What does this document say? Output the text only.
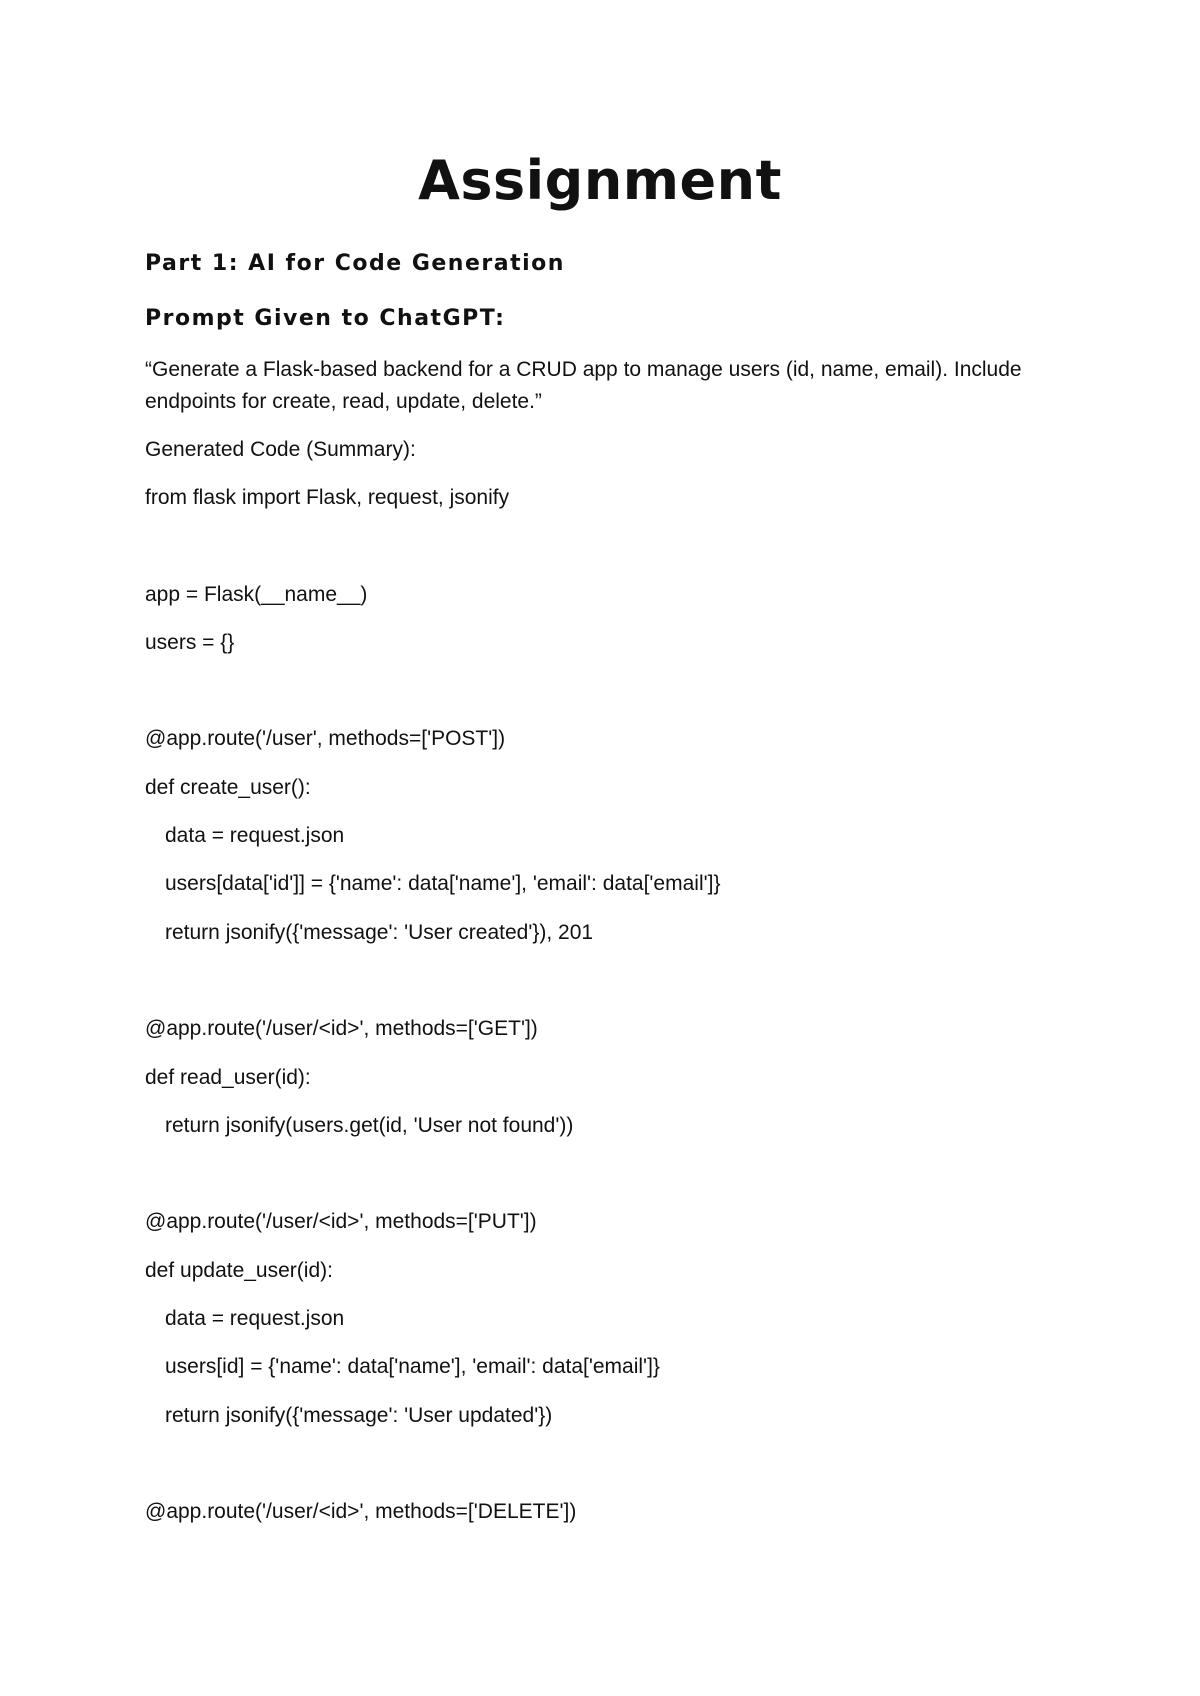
Assignment
Part 1: AI for Code Generation
Prompt Given to ChatGPT:

“Generate a Flask-based backend for a CRUD app to manage users (id, name, email). Include endpoints for create, read, update, delete.”

Generated Code (Summary):

from flask import Flask, request, jsonify
app = Flask(__name__)
users = {}
@app.route('/user', methods=['POST'])
def create_user():
data = request.json
users[data['id']] = {'name': data['name'], 'email': data['email']}
return jsonify({'message': 'User created'}), 201
@app.route('/user/<id>', methods=['GET'])
def read_user(id):
return jsonify(users.get(id, 'User not found'))
@app.route('/user/<id>', methods=['PUT'])
def update_user(id):
data = request.json
users[id] = {'name': data['name'], 'email': data['email']}
return jsonify({'message': 'User updated'})
@app.route('/user/<id>', methods=['DELETE'])
